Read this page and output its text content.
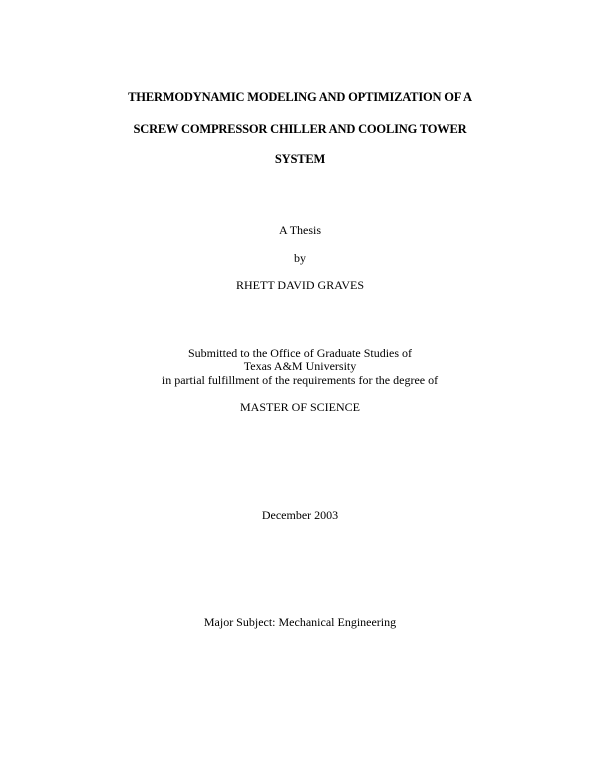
THERMODYNAMIC MODELING AND OPTIMIZATION OF A
SCREW COMPRESSOR CHILLER AND COOLING TOWER
SYSTEM
A Thesis
by
RHETT DAVID GRAVES
Submitted to the Office of Graduate Studies of
Texas A&M University
in partial fulfillment of the requirements for the degree of
MASTER OF SCIENCE
December 2003
Major Subject: Mechanical Engineering
